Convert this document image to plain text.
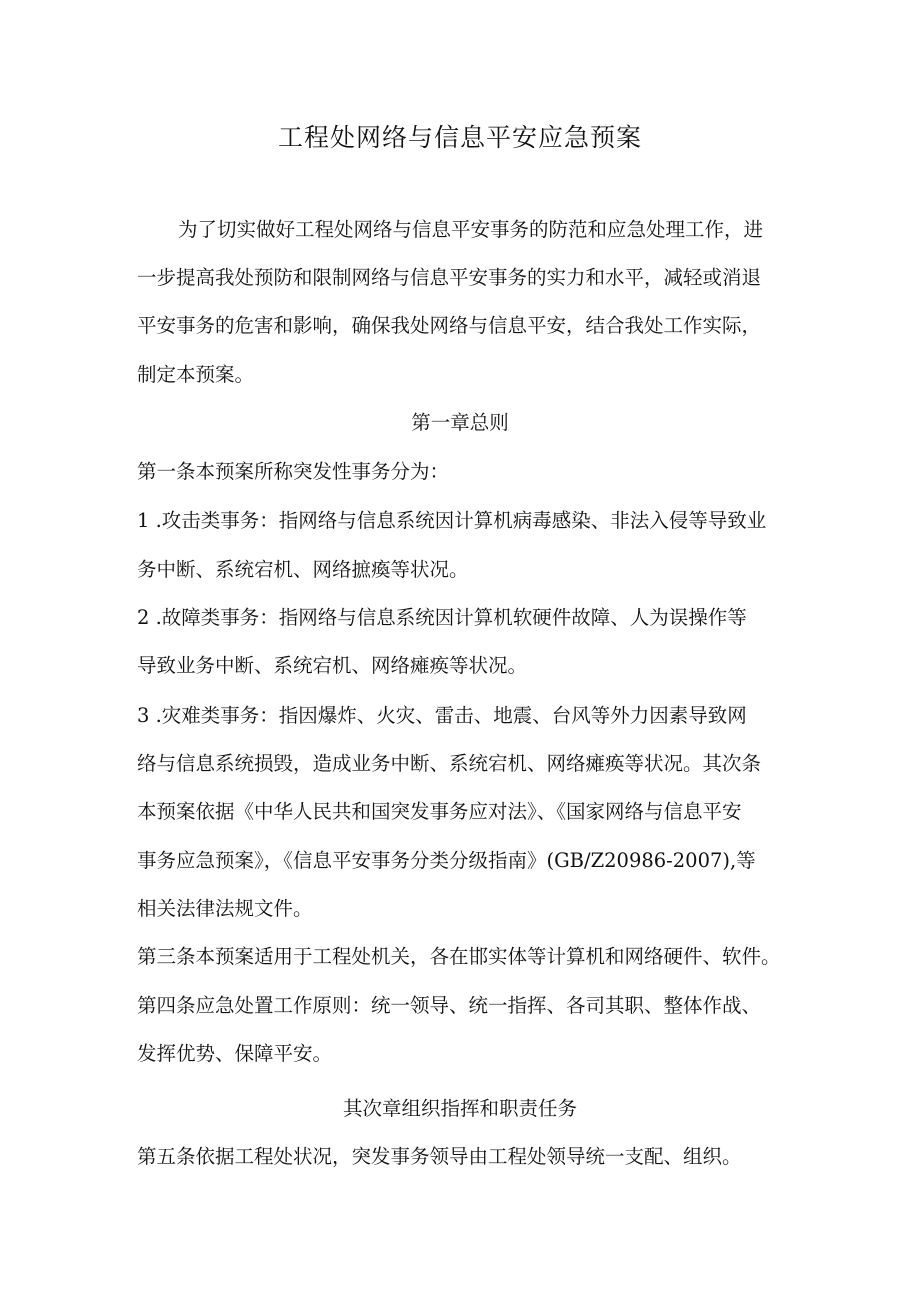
工程处网络与信息平安应急预案
为了切实做好工程处网络与信息平安事务的防范和应急处理工作，进
一步提高我处预防和限制网络与信息平安事务的实力和水平，减轻或消退
平安事务的危害和影响，确保我处网络与信息平安，结合我处工作实际，
制定本预案。
第一章总则
第一条本预案所称突发性事务分为：
1 .攻击类事务：指网络与信息系统因计算机病毒感染、非法入侵等导致业
务中断、系统宕机、网络摭瘓等状况。
2 .故障类事务：指网络与信息系统因计算机软硬件故障、人为误操作等
导致业务中断、系统宕机、网络瘫痪等状况。
3 .灾难类事务：指因爆炸、火灾、雷击、地震、台风等外力因素导致网
络与信息系统损毁，造成业务中断、系统宕机、网络瘫痪等状况。其次条
本预案依据《中华人民共和国突发事务应对法》、《国家网络与信息平安
事务应急预案》，《信息平安事务分类分级指南》(GB/Z20986-2007),等
相关法律法规文件。
第三条本预案适用于工程处机关，各在邯实体等计算机和网络硬件、软件。
第四条应急处置工作原则：统一领导、统一指挥、各司其职、整体作战、
发挥优势、保障平安。
其次章组织指挥和职责任务
第五条依据工程处状况，突发事务领导由工程处领导统一支配、组织。
